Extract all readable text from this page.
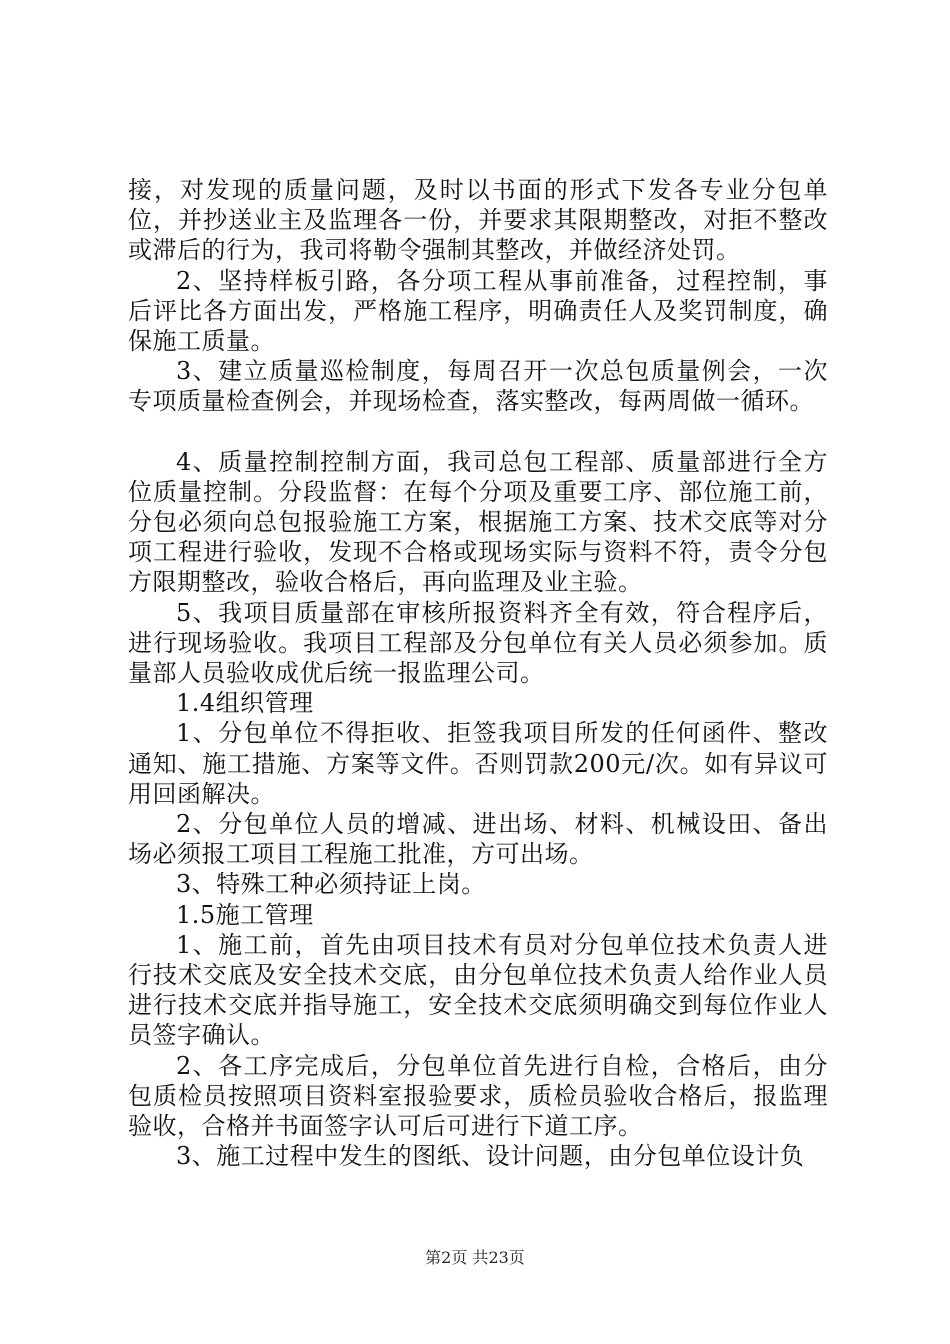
接，对发现的质量问题，及时以书面的形式下发各专业分包单位，并抄送业主及监理各一份，并要求其限期整改，对拒不整改或滞后的行为，我司将勒令强制其整改，并做经济处罚。

2、坚持样板引路，各分项工程从事前准备，过程控制，事后评比各方面出发，严格施工程序，明确责任人及奖罚制度，确保施工质量。

3、建立质量巡检制度，每周召开一次总包质量例会，一次专项质量检查例会，并现场检查，落实整改，每两周做一循环。

4、质量控制控制方面，我司总包工程部、质量部进行全方位质量控制。分段监督：在每个分项及重要工序、部位施工前，分包必须向总包报验施工方案，根据施工方案、技术交底等对分项工程进行验收，发现不合格或现场实际与资料不符，责令分包方限期整改，验收合格后，再向监理及业主验。

5、我项目质量部在审核所报资料齐全有效，符合程序后，进行现场验收。我项目工程部及分包单位有关人员必须参加。质量部人员验收成优后统一报监理公司。

1.4组织管理

1、分包单位不得拒收、拒签我项目所发的任何函件、整改通知、施工措施、方案等文件。否则罚款200元/次。如有异议可用回函解决。

2、分包单位人员的增减、进出场、材料、机械设田、备出场必须报工项目工程施工批准，方可出场。

3、特殊工种必须持证上岗。

1.5施工管理

1、施工前，首先由项目技术有员对分包单位技术负责人进行技术交底及安全技术交底，由分包单位技术负责人给作业人员进行技术交底并指导施工，安全技术交底须明确交到每位作业人员签字确认。

2、各工序完成后，分包单位首先进行自检，合格后，由分包质检员按照项目资料室报验要求，质检员验收合格后，报监理验收，合格并书面签字认可后可进行下道工序。

3、施工过程中发生的图纸、设计问题，由分包单位设计负

第2页 共23页
